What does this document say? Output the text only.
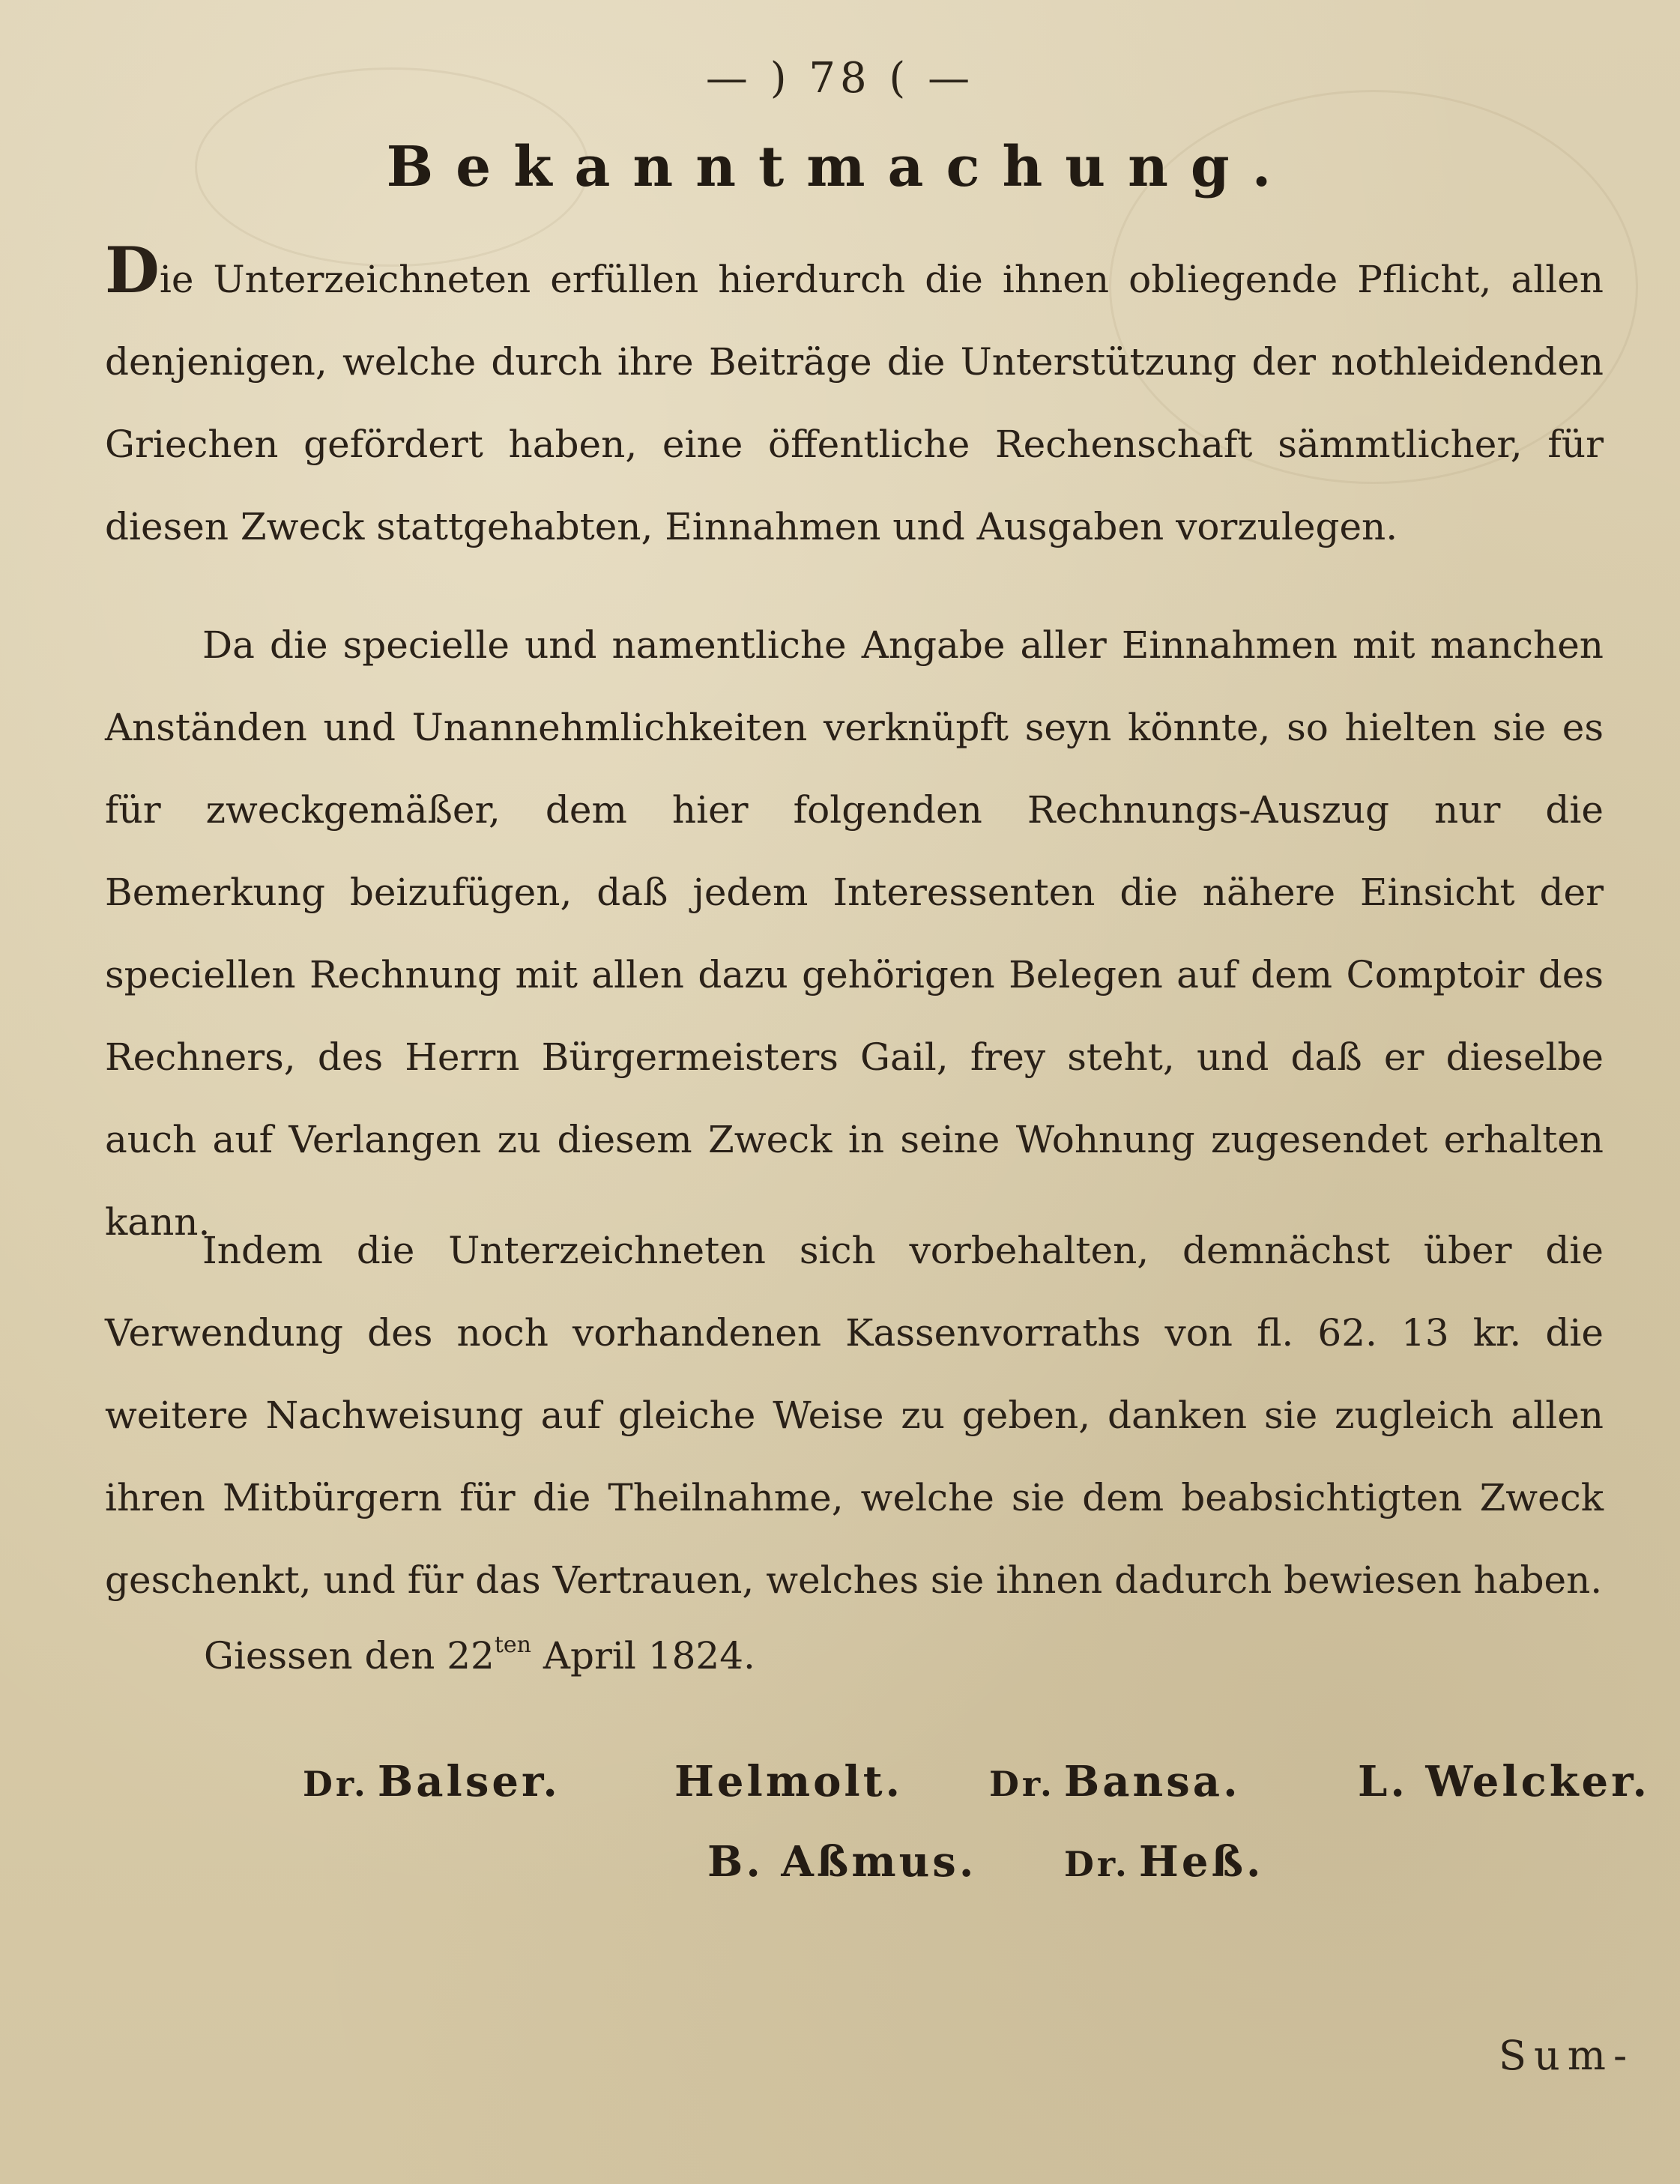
— ) 78 ( —
Bekanntmachung.
Die Unterzeichneten erfüllen hierdurch die ihnen obliegende Pflicht, allen denjenigen, welche durch ihre Beiträge die Unterstützung der nothleidenden Griechen gefördert haben, eine öffentliche Rechenschaft sämmtlicher, für diesen Zweck stattgehabten, Einnahmen und Ausgaben vorzulegen.
Da die specielle und namentliche Angabe aller Einnahmen mit manchen Anständen und Unannehmlichkeiten verknüpft seyn könnte, so hielten sie es für zweckgemäßer, dem hier folgenden Rechnungs-Auszug nur die Bemerkung beizufügen, daß jedem Interessenten die nähere Einsicht der speciellen Rechnung mit allen dazu gehörigen Belegen auf dem Comptoir des Rechners, des Herrn Bürgermeisters Gail, frey steht, und daß er dieselbe auch auf Verlangen zu diesem Zweck in seine Wohnung zugesendet erhalten kann.
Indem die Unterzeichneten sich vorbehalten, demnächst über die Verwendung des noch vorhandenen Kassenvorraths von fl. 62. 13 kr. die weitere Nachweisung auf gleiche Weise zu geben, danken sie zugleich allen ihren Mitbürgern für die Theilnahme, welche sie dem beabsichtigten Zweck geschenkt, und für das Vertrauen, welches sie ihnen dadurch bewiesen haben.
Giessen den $22^{ten}$ April 1824.
Dr. Balser.	Helmolt. Dr. Bansa.	L. Welcker.
B. Aßmus.	Dr. Heß.
Sum-
